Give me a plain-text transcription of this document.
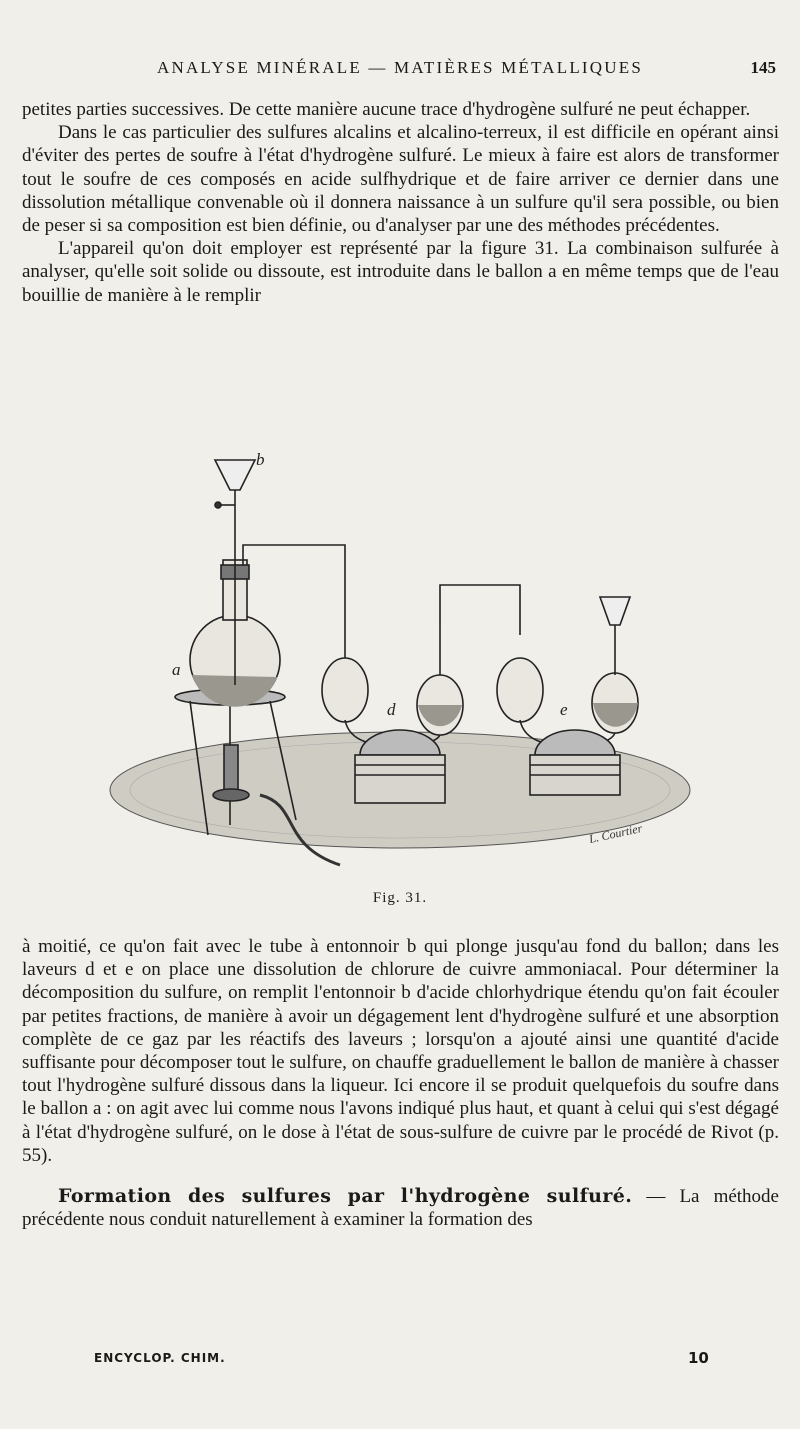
ANALYSE MINÉRALE — MATIÈRES MÉTALLIQUES	145

petites parties successives. De cette manière aucune trace d'hydrogène sulfuré ne peut échapper.

Dans le cas particulier des sulfures alcalins et alcalino-terreux, il est difficile en opérant ainsi d'éviter des pertes de soufre à l'état d'hydrogène sulfuré. Le mieux à faire est alors de transformer tout le soufre de ces composés en acide sulfhydrique et de faire arriver ce dernier dans une dissolution métallique convenable où il donnera naissance à un sulfure qu'il sera possible, ou bien de peser si sa composition est bien définie, ou d'analyser par une des méthodes précédentes.

L'appareil qu'on doit employer est représenté par la figure 31. La combinaison sulfurée à analyser, qu'elle soit solide ou dissoute, est introduite dans le ballon a en même temps que de l'eau bouillie de manière à le remplir

b
a
d	e
L. Courtier
Fig. 31.

à moitié, ce qu'on fait avec le tube à entonnoir b qui plonge jusqu'au fond du ballon; dans les laveurs d et e on place une dissolution de chlorure de cuivre ammoniacal. Pour déterminer la décomposition du sulfure, on remplit l'entonnoir b d'acide chlorhydrique étendu qu'on fait écouler par petites fractions, de manière à avoir un dégagement lent d'hydrogène sulfuré et une absorption complète de ce gaz par les réactifs des laveurs ; lorsqu'on a ajouté ainsi une quantité d'acide suffisante pour décomposer tout le sulfure, on chauffe graduellement le ballon de manière à chasser tout l'hydrogène sulfuré dissous dans la liqueur. Ici encore il se produit quelquefois du soufre dans le ballon a : on agit avec lui comme nous l'avons indiqué plus haut, et quant à celui qui s'est dégagé à l'état d'hydrogène sulfuré, on le dose à l'état de sous-sulfure de cuivre par le procédé de Rivot (p. 55).

Formation des sulfures par l'hydrogène sulfuré. — La méthode précédente nous conduit naturellement à examiner la formation des

ENCYCLOP. CHIM.	10
